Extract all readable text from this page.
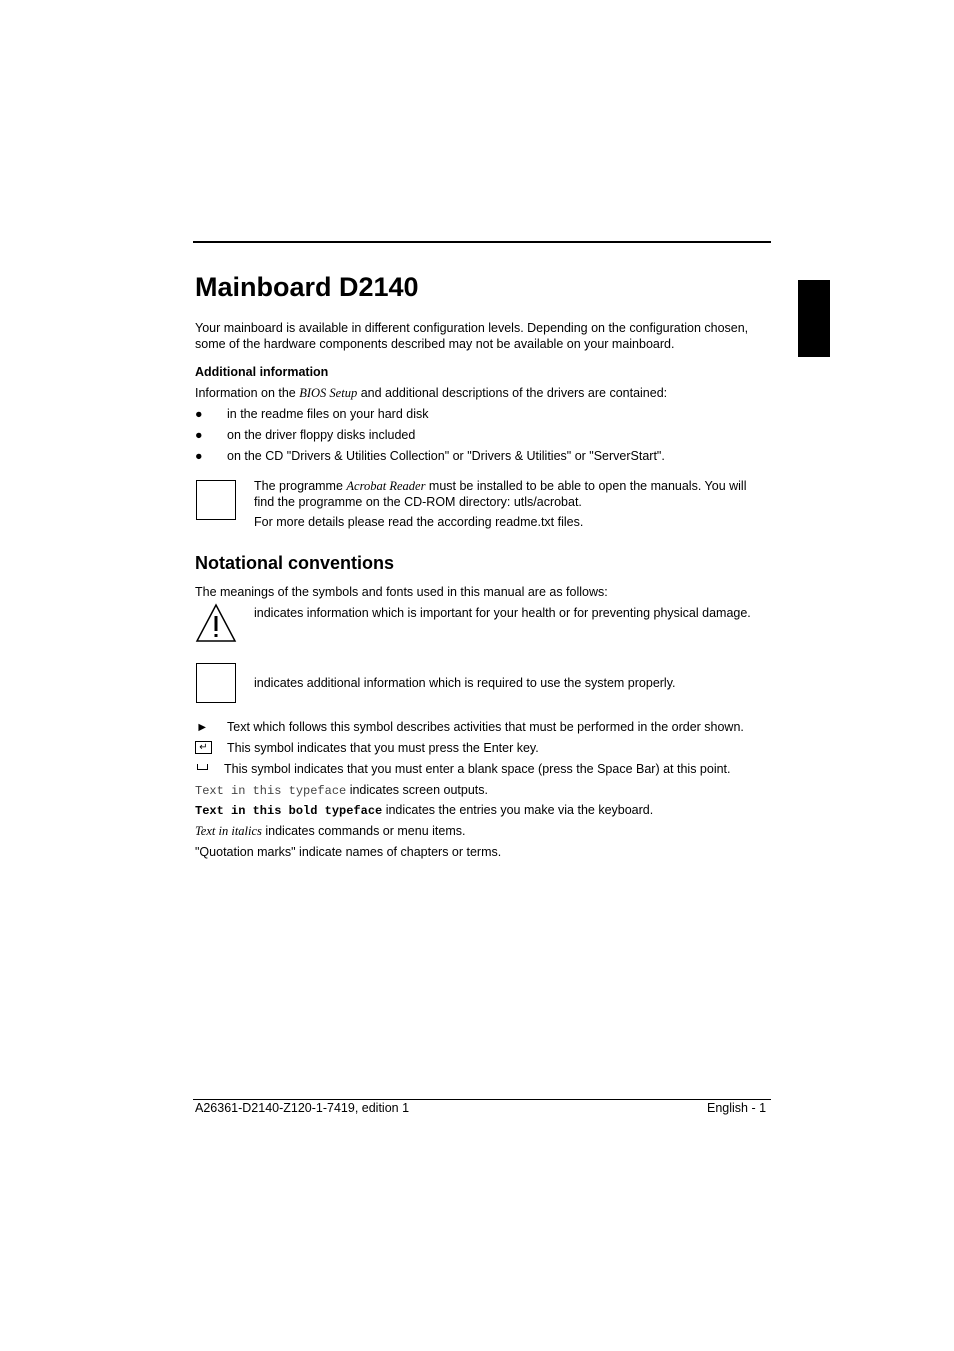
Mainboard D2140
Your mainboard is available in different configuration levels. Depending on the configuration chosen, some of the hardware components described may not be available on your mainboard.
Additional information
Information on the BIOS Setup and additional descriptions of the drivers are contained:
● in the readme files on your hard disk
● on the driver floppy disks included
● on the CD "Drivers & Utilities Collection" or "Drivers & Utilities" or "ServerStart".
The programme Acrobat Reader must be installed to be able to open the manuals. You will find the programme on the CD-ROM directory: utls/acrobat.
For more details please read the according readme.txt files.
Notational conventions
The meanings of the symbols and fonts used in this manual are as follows:
indicates information which is important for your health or for preventing physical damage.
indicates additional information which is required to use the system properly.
► Text which follows this symbol describes activities that must be performed in the order shown.
↵	This symbol indicates that you must press the Enter key.
This symbol indicates that you must enter a blank space (press the Space Bar) at this point.
Text in this typeface indicates screen outputs.
Text in this bold typeface indicates the entries you make via the keyboard.
Text in italics indicates commands or menu items.
"Quotation marks" indicate names of chapters or terms.
A26361-D2140-Z120-1-7419, edition 1	English - 1
